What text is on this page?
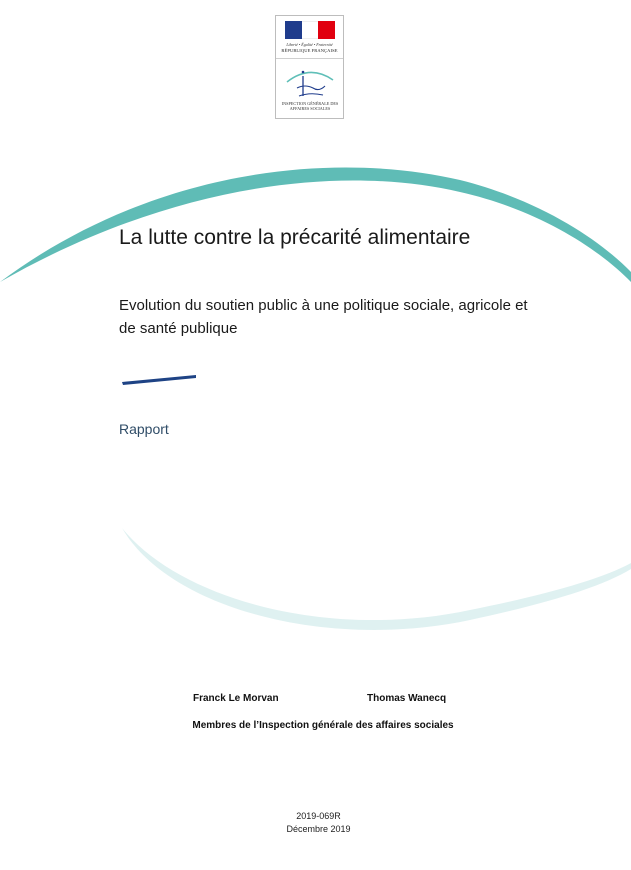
Liberté • Égalité • Fraternité
RÉPUBLIQUE FRANÇAISE
INSPECTION GÉNÉRALE DES AFFAIRES SOCIALES
La lutte contre la précarité alimentaire
Evolution du soutien public à une politique sociale, agricole et de santé publique
Rapport
Franck Le Morvan	Thomas Wanecq
Membres de l’Inspection générale des affaires sociales
2019-069R
Décembre 2019
